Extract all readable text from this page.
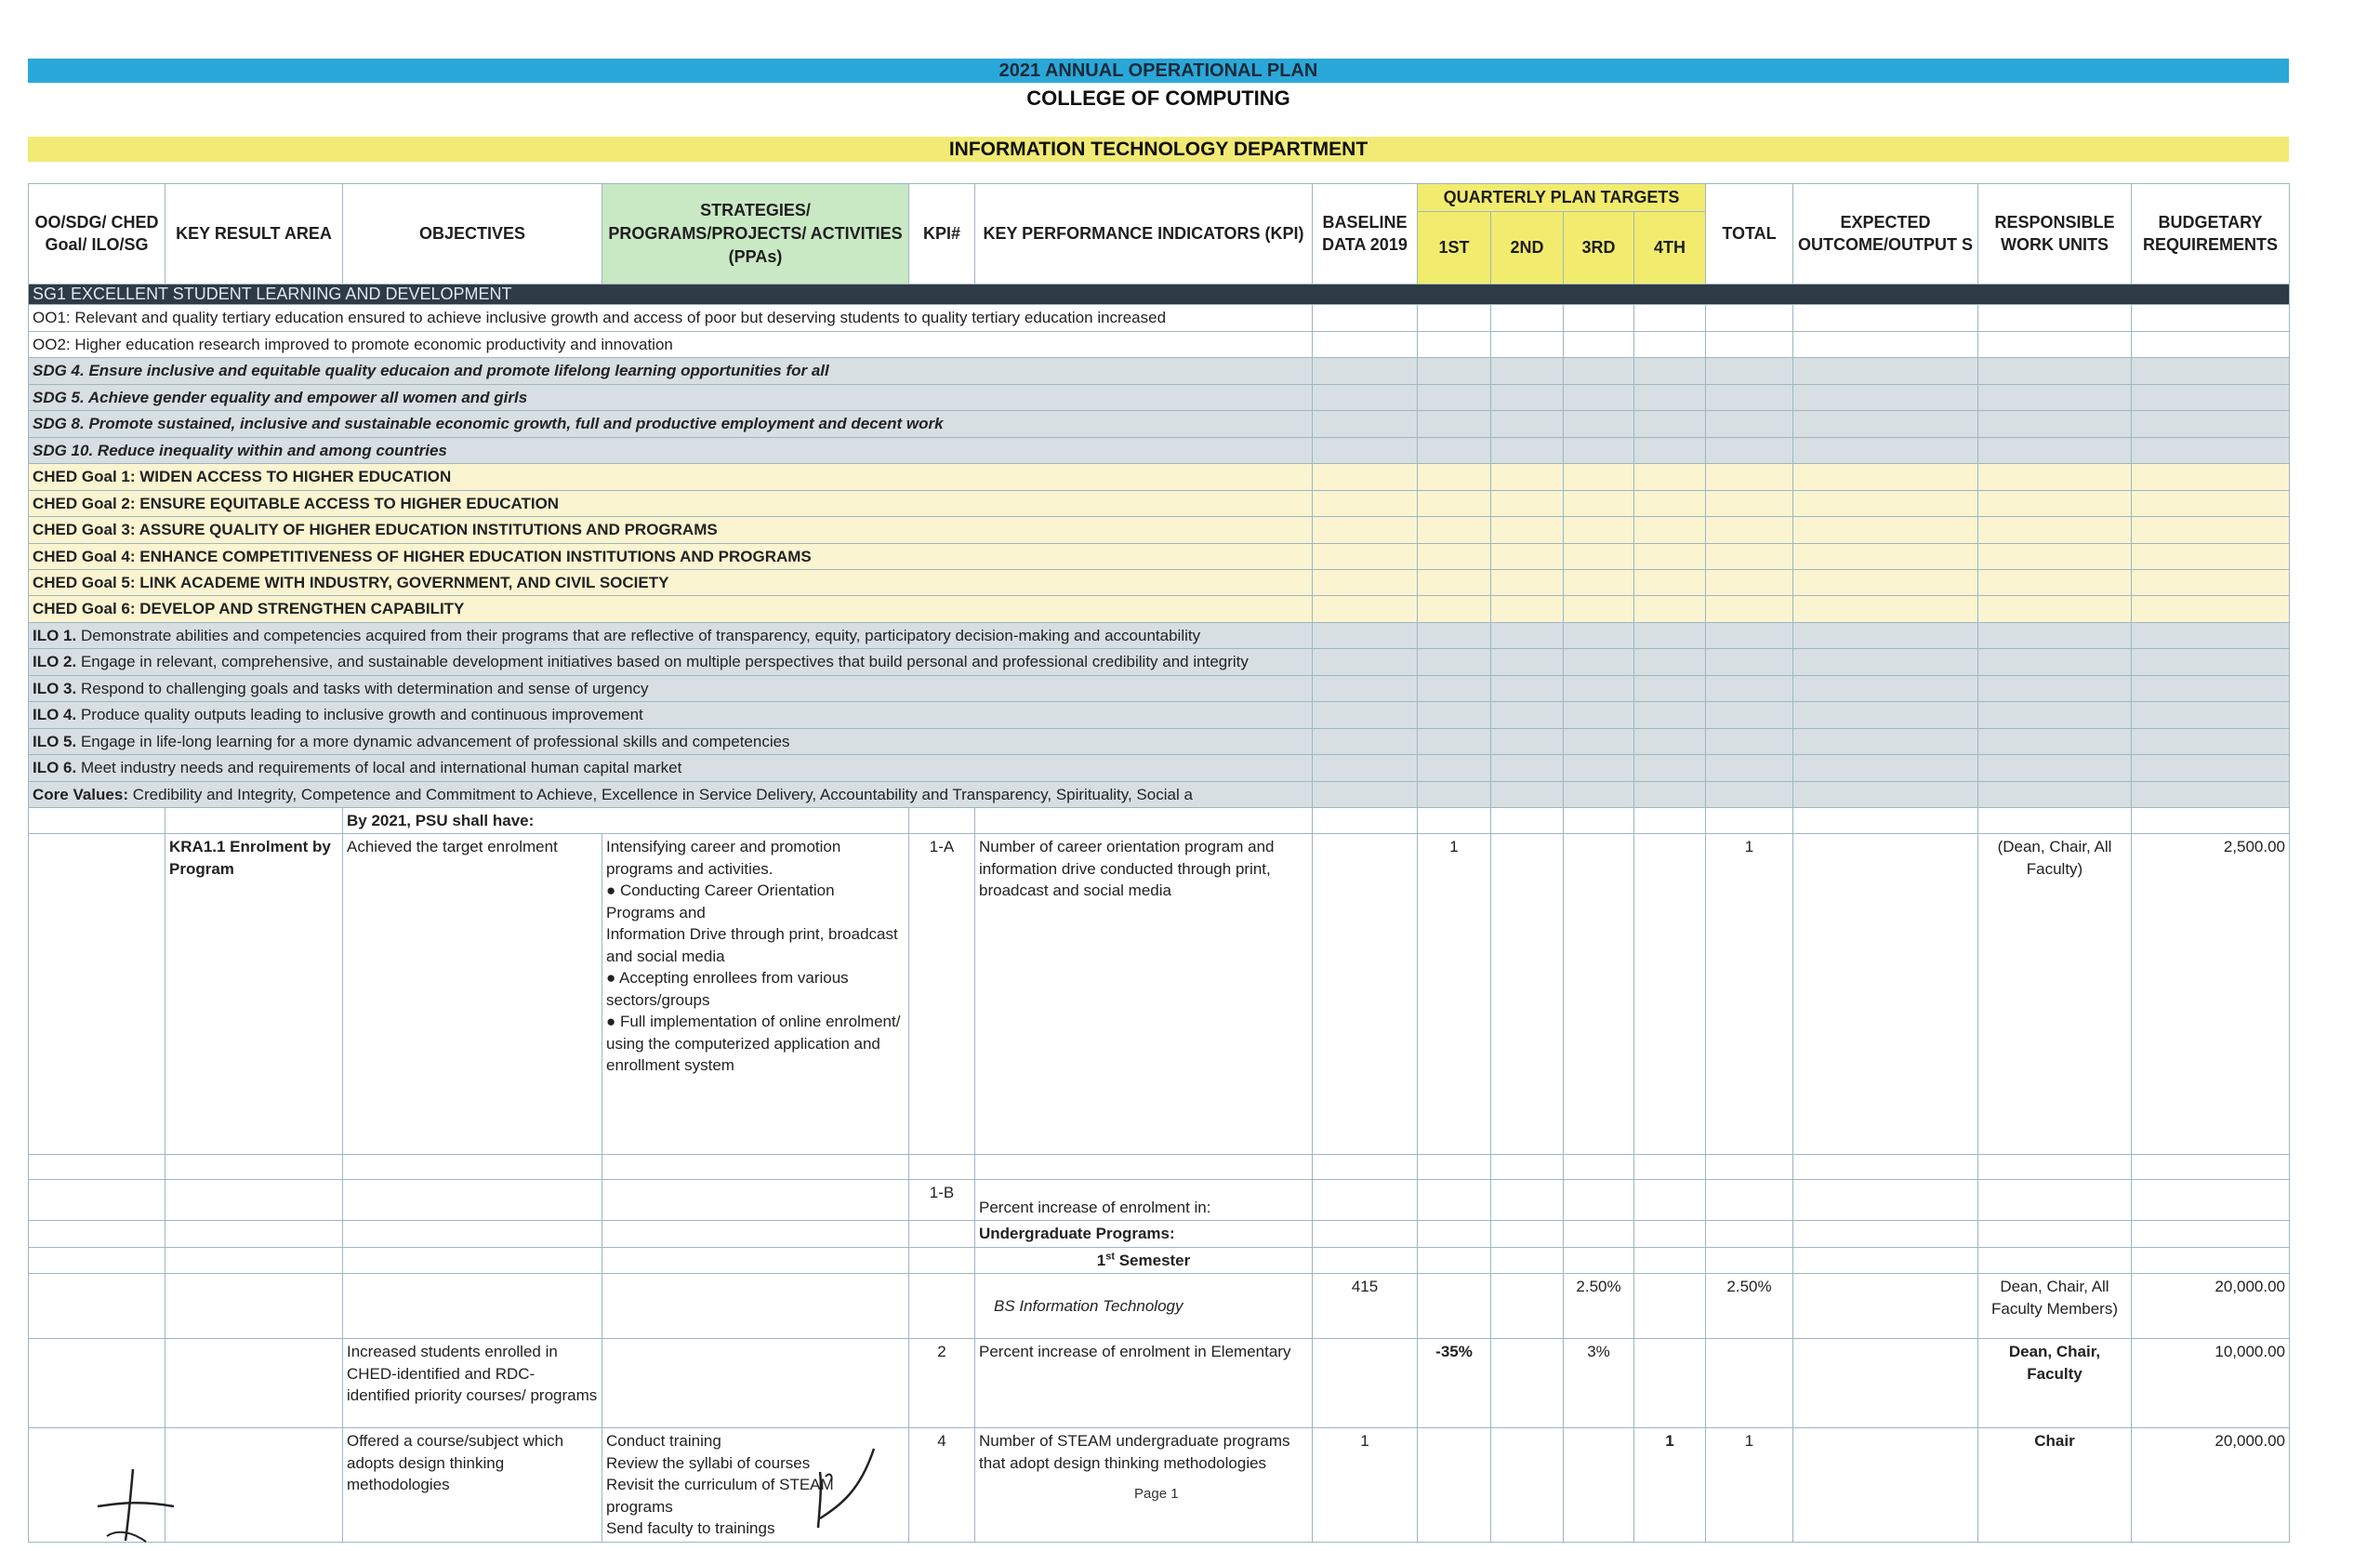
2021 ANNUAL OPERATIONAL PLAN
COLLEGE OF COMPUTING
INFORMATION TECHNOLOGY DEPARTMENT
OO/SDG/ CHED Goal/ ILO/SG	KEY RESULT AREA	OBJECTIVES	STRATEGIES/ PROGRAMS/PROJECTS/ ACTIVITIES (PPAs)	KPI#	KEY PERFORMANCE INDICATORS (KPI)	BASELINE DATA 2019	QUARTERLY PLAN TARGETS				TOTAL	EXPECTED OUTCOME/OUTPUT S	RESPONSIBLE WORK UNITS	BUDGETARY REQUIREMENTS
							1ST	2ND	3RD	4TH				
SG1 EXCELLENT STUDENT LEARNING AND DEVELOPMENT														
OO1: Relevant and quality tertiary education ensured to achieve inclusive growth and access of poor but deserving students to quality tertiary education increased														
OO2: Higher education research improved to promote economic productivity and innovation														
SDG 4. Ensure inclusive and equitable quality educaion and promote lifelong learning opportunities for all														
SDG 5. Achieve gender equality and empower all women and girls														
SDG 8. Promote sustained, inclusive and sustainable economic growth, full and productive employment and decent work														
SDG 10. Reduce inequality within and among countries														
CHED Goal 1: WIDEN ACCESS TO HIGHER EDUCATION														
CHED Goal 2: ENSURE EQUITABLE ACCESS TO HIGHER EDUCATION														
CHED Goal 3: ASSURE QUALITY OF HIGHER EDUCATION INSTITUTIONS AND PROGRAMS														
CHED Goal 4: ENHANCE COMPETITIVENESS OF HIGHER EDUCATION INSTITUTIONS AND PROGRAMS														
CHED Goal 5: LINK ACADEME WITH INDUSTRY, GOVERNMENT, AND CIVIL SOCIETY														
CHED Goal 6: DEVELOP AND STRENGTHEN CAPABILITY														
ILO 1. Demonstrate abilities and competencies acquired from their programs that are reflective of transparency, equity, participatory decision-making and accountability														
ILO 2. Engage in relevant, comprehensive, and sustainable development initiatives based on multiple perspectives that build personal and professional credibility and integrity														
ILO 3. Respond to challenging goals and tasks with determination and sense of urgency														
ILO 4. Produce quality outputs leading to inclusive growth and continuous improvement														
ILO 5. Engage in life-long learning for a more dynamic advancement of professional skills and competencies														
ILO 6. Meet industry needs and requirements of local and international human capital market														
Core Values: Credibility and Integrity, Competence and Commitment to Achieve, Excellence in Service Delivery, Accountability and Transparency, Spirituality, Social a														
		By 2021, PSU shall have:												
	KRA1.1 Enrolment by Program	Achieved the target enrolment	Intensifying career and promotion programs and activities.
● Conducting Career Orientation Programs and
Information Drive through print, broadcast and social media
● Accepting enrollees from various sectors/groups
● Full implementation of online enrolment/ using the computerized application and enrollment system	1-A	Number of career orientation program and information drive conducted through print, broadcast and social media		1				1		(Dean, Chair, All Faculty)	2,500.00

				1-B	Percent increase of enrolment in:									
					Undergraduate Programs:									
					1st Semester									
					BS Information Technology	415			2.50%		2.50%		Dean, Chair, All Faculty Members)	20,000.00
		Increased students enrolled in CHED-identified and RDC-identified priority courses/ programs		2	Percent increase of enrolment in Elementary		-35%		3%				Dean, Chair, Faculty	10,000.00
		Offered a course/subject which adopts design thinking methodologies	Conduct training
Review the syllabi of courses
Revisit the curriculum of STEAM programs
Send faculty to trainings	4	Number of STEAM undergraduate programs that adopt design thinking methodologies	1				1	1		Chair	20,000.00
Page 1
